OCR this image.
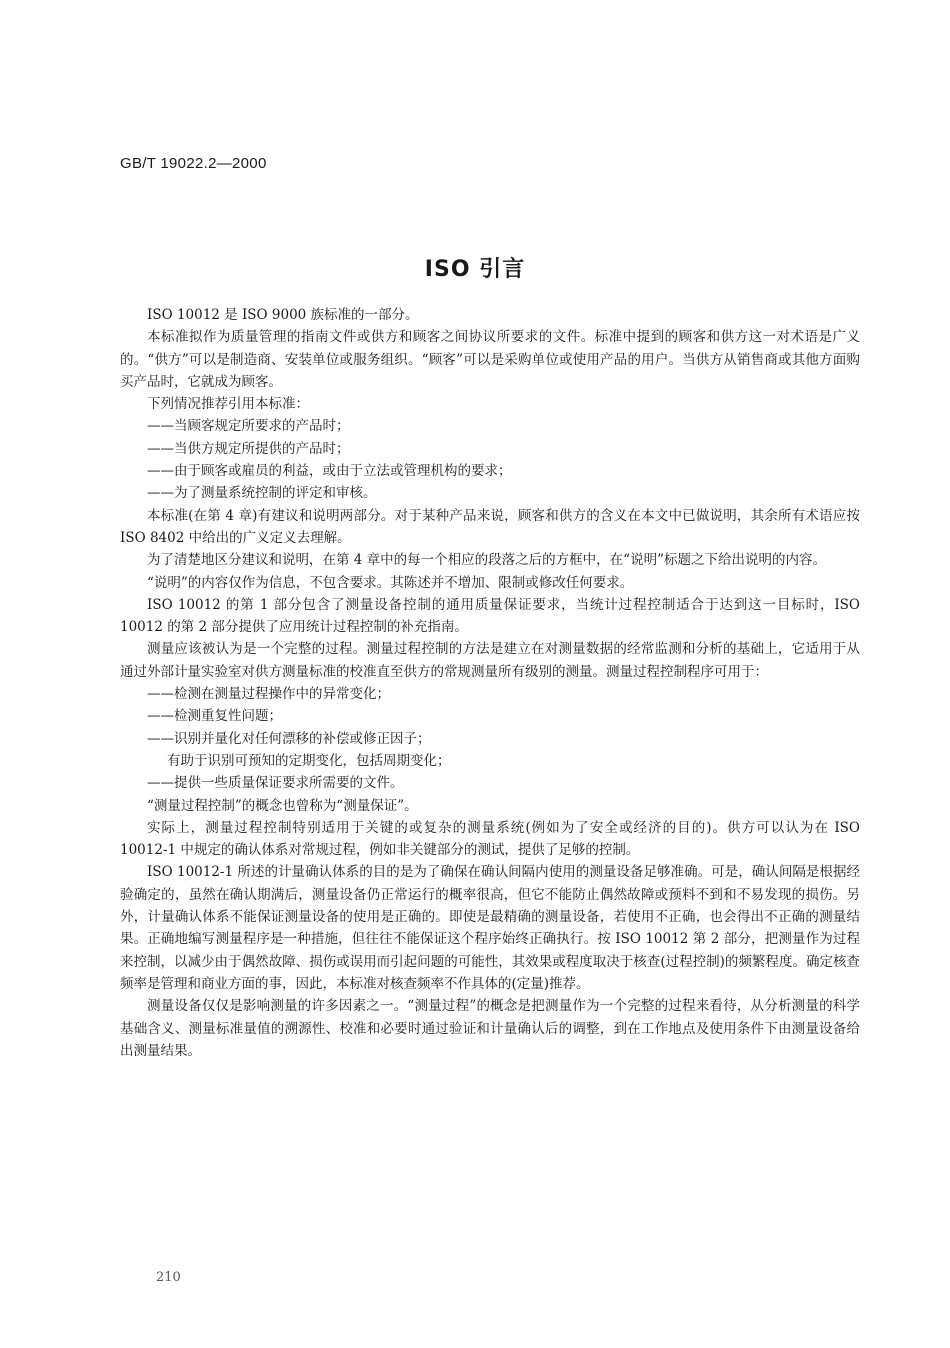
GB/T 19022.2—2000
ISO 引言

ISO 10012 是 ISO 9000 族标准的一部分。

本标准拟作为质量管理的指南文件或供方和顾客之间协议所要求的文件。标准中提到的顾客和供方这一对术语是广义的。“供方”可以是制造商、安装单位或服务组织。“顾客”可以是采购单位或使用产品的用户。当供方从销售商或其他方面购买产品时，它就成为顾客。

下列情况推荐引用本标准：

——当顾客规定所要求的产品时；

——当供方规定所提供的产品时；

——由于顾客或雇员的利益，或由于立法或管理机构的要求；

——为了测量系统控制的评定和审核。

本标准(在第 4 章)有建议和说明两部分。对于某种产品来说，顾客和供方的含义在本文中已做说明，其余所有术语应按 ISO 8402 中给出的广义定义去理解。

为了清楚地区分建议和说明，在第 4 章中的每一个相应的段落之后的方框中，在“说明”标题之下给出说明的内容。

“说明”的内容仅作为信息，不包含要求。其陈述并不增加、限制或修改任何要求。

ISO 10012 的第 1 部分包含了测量设备控制的通用质量保证要求，当统计过程控制适合于达到这一目标时，ISO 10012 的第 2 部分提供了应用统计过程控制的补充指南。

测量应该被认为是一个完整的过程。测量过程控制的方法是建立在对测量数据的经常监测和分析的基础上，它适用于从通过外部计量实验室对供方测量标准的校准直至供方的常规测量所有级别的测量。测量过程控制程序可用于：

——检测在测量过程操作中的异常变化；

——检测重复性问题；

——识别并量化对任何漂移的补偿或修正因子；

有助于识别可预知的定期变化，包括周期变化；

——提供一些质量保证要求所需要的文件。

“测量过程控制”的概念也曾称为“测量保证”。

实际上，测量过程控制特别适用于关键的或复杂的测量系统(例如为了安全或经济的目的)。供方可以认为在 ISO 10012-1 中规定的确认体系对常规过程，例如非关键部分的测试，提供了足够的控制。

ISO 10012-1 所述的计量确认体系的目的是为了确保在确认间隔内使用的测量设备足够准确。可是，确认间隔是根据经验确定的，虽然在确认期满后，测量设备仍正常运行的概率很高，但它不能防止偶然故障或预料不到和不易发现的损伤。另外，计量确认体系不能保证测量设备的使用是正确的。即使是最精确的测量设备，若使用不正确，也会得出不正确的测量结果。正确地编写测量程序是一种措施，但往往不能保证这个程序始终正确执行。按 ISO 10012 第 2 部分，把测量作为过程来控制，以减少由于偶然故障、损伤或误用而引起问题的可能性，其效果或程度取决于核查(过程控制)的频繁程度。确定核查频率是管理和商业方面的事，因此，本标准对核查频率不作具体的(定量)推荐。

测量设备仅仅是影响测量的许多因素之一。“测量过程”的概念是把测量作为一个完整的过程来看待，从分析测量的科学基础含义、测量标准量值的溯源性、校准和必要时通过验证和计量确认后的调整，到在工作地点及使用条件下由测量设备给出测量结果。

210
